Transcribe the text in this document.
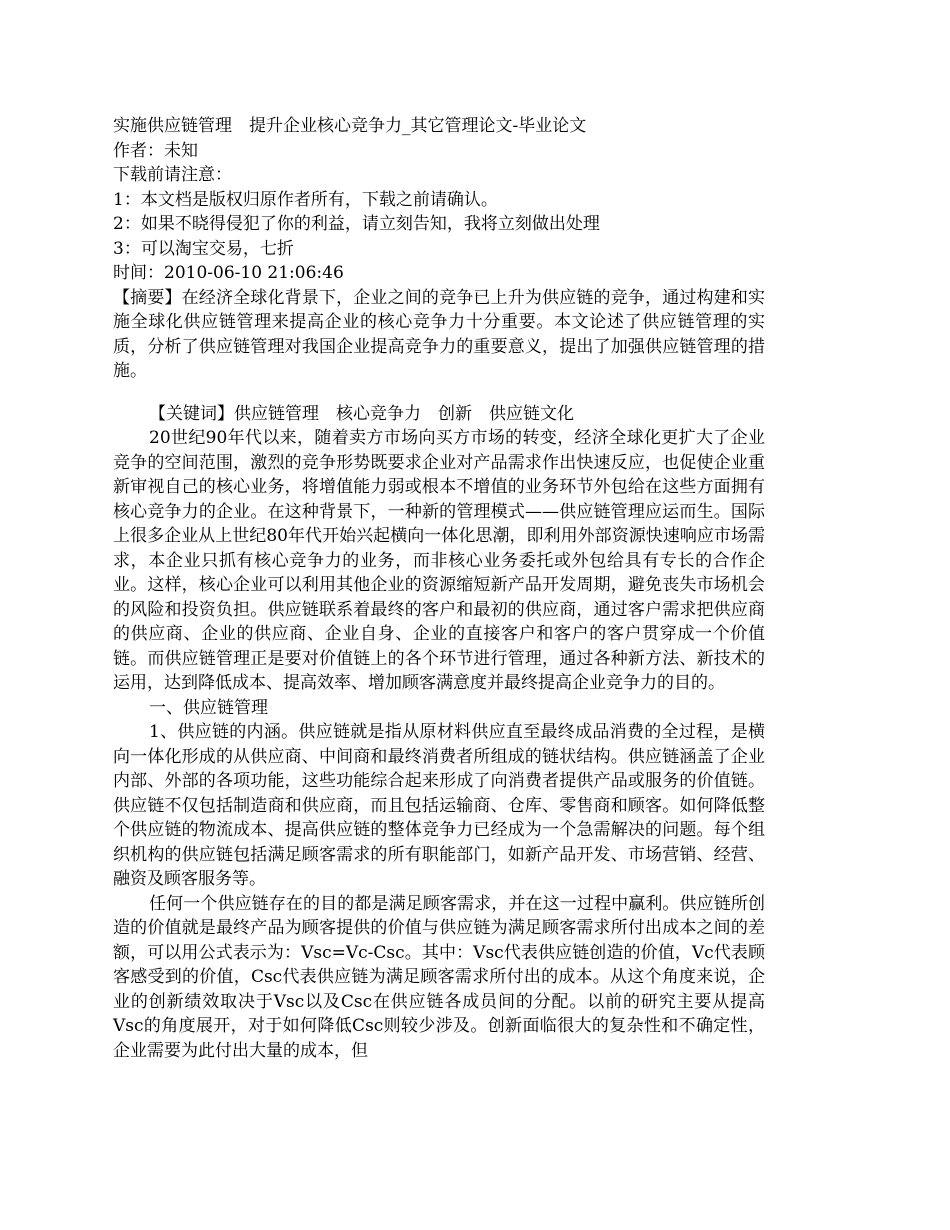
实施供应链管理　提升企业核心竞争力_其它管理论文-毕业论文

作者：未知

下载前请注意：

1：本文档是版权归原作者所有，下载之前请确认。

2：如果不晓得侵犯了你的利益，请立刻告知，我将立刻做出处理

3：可以淘宝交易，七折

时间：2010-06-10 21:06:46

【摘要】在经济全球化背景下，企业之间的竞争已上升为供应链的竞争，通过构建和实施全球化供应链管理来提高企业的核心竞争力十分重要。本文论述了供应链管理的实质，分析了供应链管理对我国企业提高竞争力的重要意义，提出了加强供应链管理的措施。

【关键词】供应链管理　核心竞争力　创新　供应链文化

20世纪90年代以来，随着卖方市场向买方市场的转变，经济全球化更扩大了企业竞争的空间范围，激烈的竞争形势既要求企业对产品需求作出快速反应，也促使企业重新审视自己的核心业务，将增值能力弱或根本不增值的业务环节外包给在这些方面拥有核心竞争力的企业。在这种背景下，一种新的管理模式——供应链管理应运而生。国际上很多企业从上世纪80年代开始兴起横向一体化思潮，即利用外部资源快速响应市场需求，本企业只抓有核心竞争力的业务，而非核心业务委托或外包给具有专长的合作企业。这样，核心企业可以利用其他企业的资源缩短新产品开发周期，避免丧失市场机会的风险和投资负担。供应链联系着最终的客户和最初的供应商，通过客户需求把供应商的供应商、企业的供应商、企业自身、企业的直接客户和客户的客户贯穿成一个价值链。而供应链管理正是要对价值链上的各个环节进行管理，通过各种新方法、新技术的运用，达到降低成本、提高效率、增加顾客满意度并最终提高企业竞争力的目的。

一、供应链管理

1、供应链的内涵。供应链就是指从原材料供应直至最终成品消费的全过程，是横向一体化形成的从供应商、中间商和最终消费者所组成的链状结构。供应链涵盖了企业内部、外部的各项功能，这些功能综合起来形成了向消费者提供产品或服务的价值链。供应链不仅包括制造商和供应商，而且包括运输商、仓库、零售商和顾客。如何降低整个供应链的物流成本、提高供应链的整体竞争力已经成为一个急需解决的问题。每个组织机构的供应链包括满足顾客需求的所有职能部门，如新产品开发、市场营销、经营、融资及顾客服务等。

任何一个供应链存在的目的都是满足顾客需求，并在这一过程中赢利。供应链所创造的价值就是最终产品为顾客提供的价值与供应链为满足顾客需求所付出成本之间的差额，可以用公式表示为：Vsc=Vc-Csc。其中：Vsc代表供应链创造的价值，Vc代表顾客感受到的价值，Csc代表供应链为满足顾客需求所付出的成本。从这个角度来说，企业的创新绩效取决于Vsc以及Csc在供应链各成员间的分配。以前的研究主要从提高Vsc的角度展开，对于如何降低Csc则较少涉及。创新面临很大的复杂性和不确定性，企业需要为此付出大量的成本，但
